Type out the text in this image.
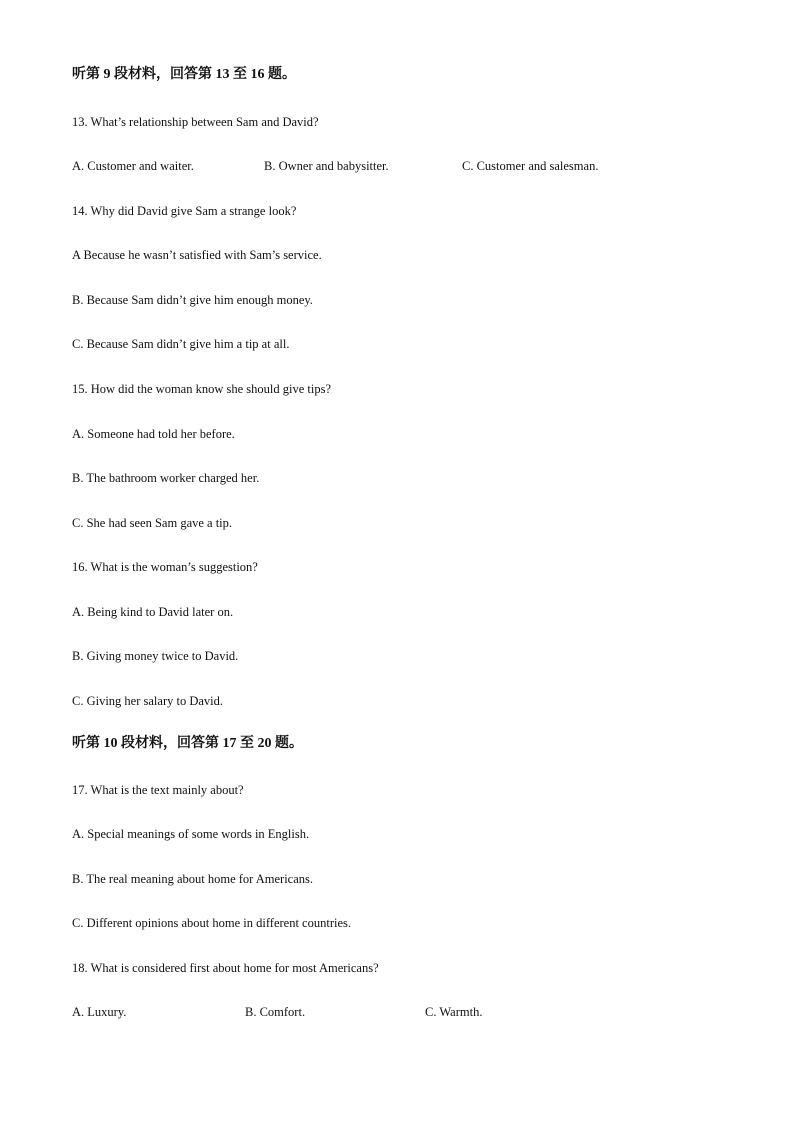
听第 9 段材料，回答第 13 至 16 题。
13. What’s relationship between Sam and David?
A. Customer and waiter.	B. Owner and babysitter.	C. Customer and salesman.
14. Why did David give Sam a strange look?
A Because he wasn’t satisfied with Sam’s service.
B. Because Sam didn’t give him enough money.
C. Because Sam didn’t give him a tip at all.
15. How did the woman know she should give tips?
A. Someone had told her before.
B. The bathroom worker charged her.
C. She had seen Sam gave a tip.
16. What is the woman’s suggestion?
A. Being kind to David later on.
B. Giving money twice to David.
C. Giving her salary to David.
听第 10 段材料，回答第 17 至 20 题。
17. What is the text mainly about?
A. Special meanings of some words in English.
B. The real meaning about home for Americans.
C. Different opinions about home in different countries.
18. What is considered first about home for most Americans?
A. Luxury.	B. Comfort.	C. Warmth.
